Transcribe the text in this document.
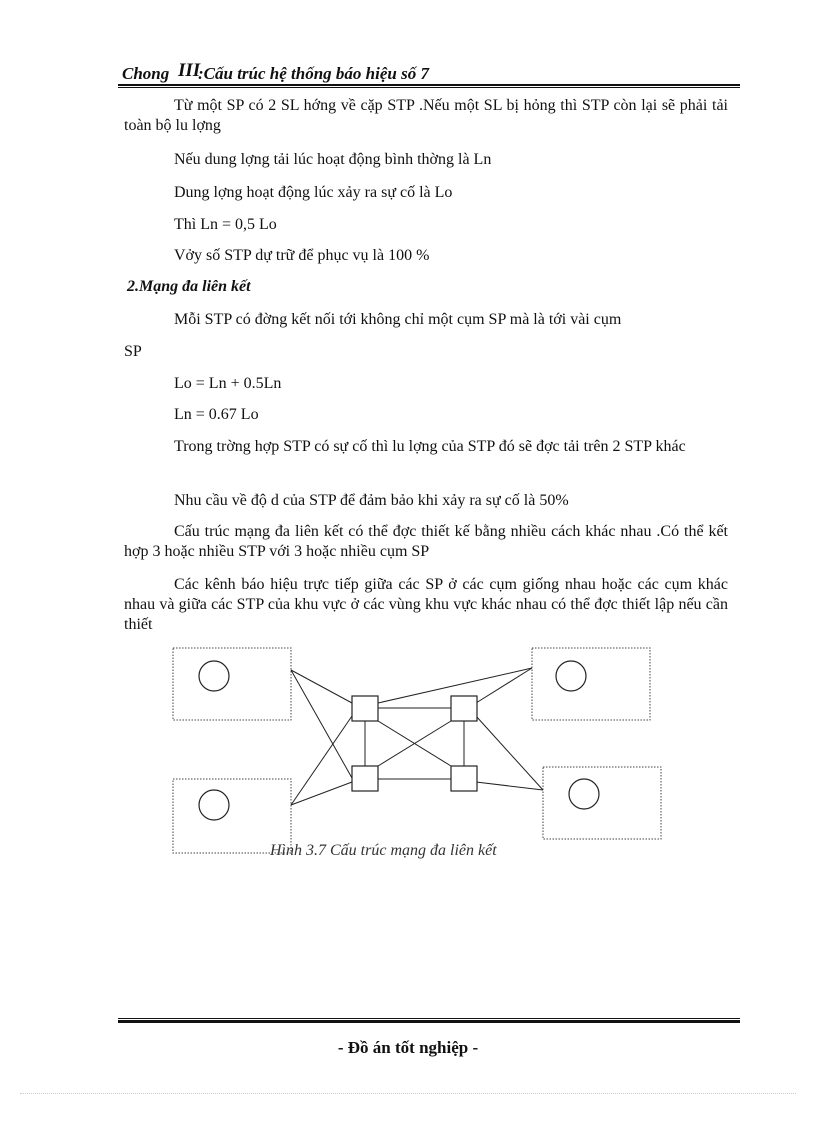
Chong III
:Cấu trúc hệ thống báo hiệu số 7

Từ một SP có 2 SL hớng về cặp STP .Nếu một SL bị hỏng thì STP còn lại sẽ phải tải toàn bộ lu lợng

Nếu dung lợng tải lúc hoạt động bình thờng là Ln

Dung lợng hoạt động lúc xảy ra sự cố là Lo

Thì Ln = 0,5 Lo

Vởy số STP dự trữ để phục vụ là 100 %

2.Mạng đa liên kết

Mỗi STP có đờng kết nối tới không chỉ một cụm SP mà là tới vài cụm

SP

Lo = Ln + 0.5Ln

Ln = 0.67 Lo

Trong trờng hợp STP có sự cố thì lu lợng của STP đó sẽ đợc tải trên 2 STP khác

Nhu cầu về độ d của STP để đảm bảo khi xảy ra sự cố là 50%

Cấu trúc mạng đa liên kết có thể đợc thiết kế bằng nhiều cách khác nhau .Có thể kết hợp 3 hoặc nhiều STP với 3 hoặc nhiều cụm SP

Các kênh báo hiệu trực tiếp giữa các SP ở các cụm giống nhau hoặc các cụm khác nhau và giữa các STP của khu vực ở các vùng khu vực khác nhau có thể đợc thiết lập nếu cần thiết

Hình 3.7 Cấu trúc mạng đa liên kết

- Đồ án tốt nghiệp -
